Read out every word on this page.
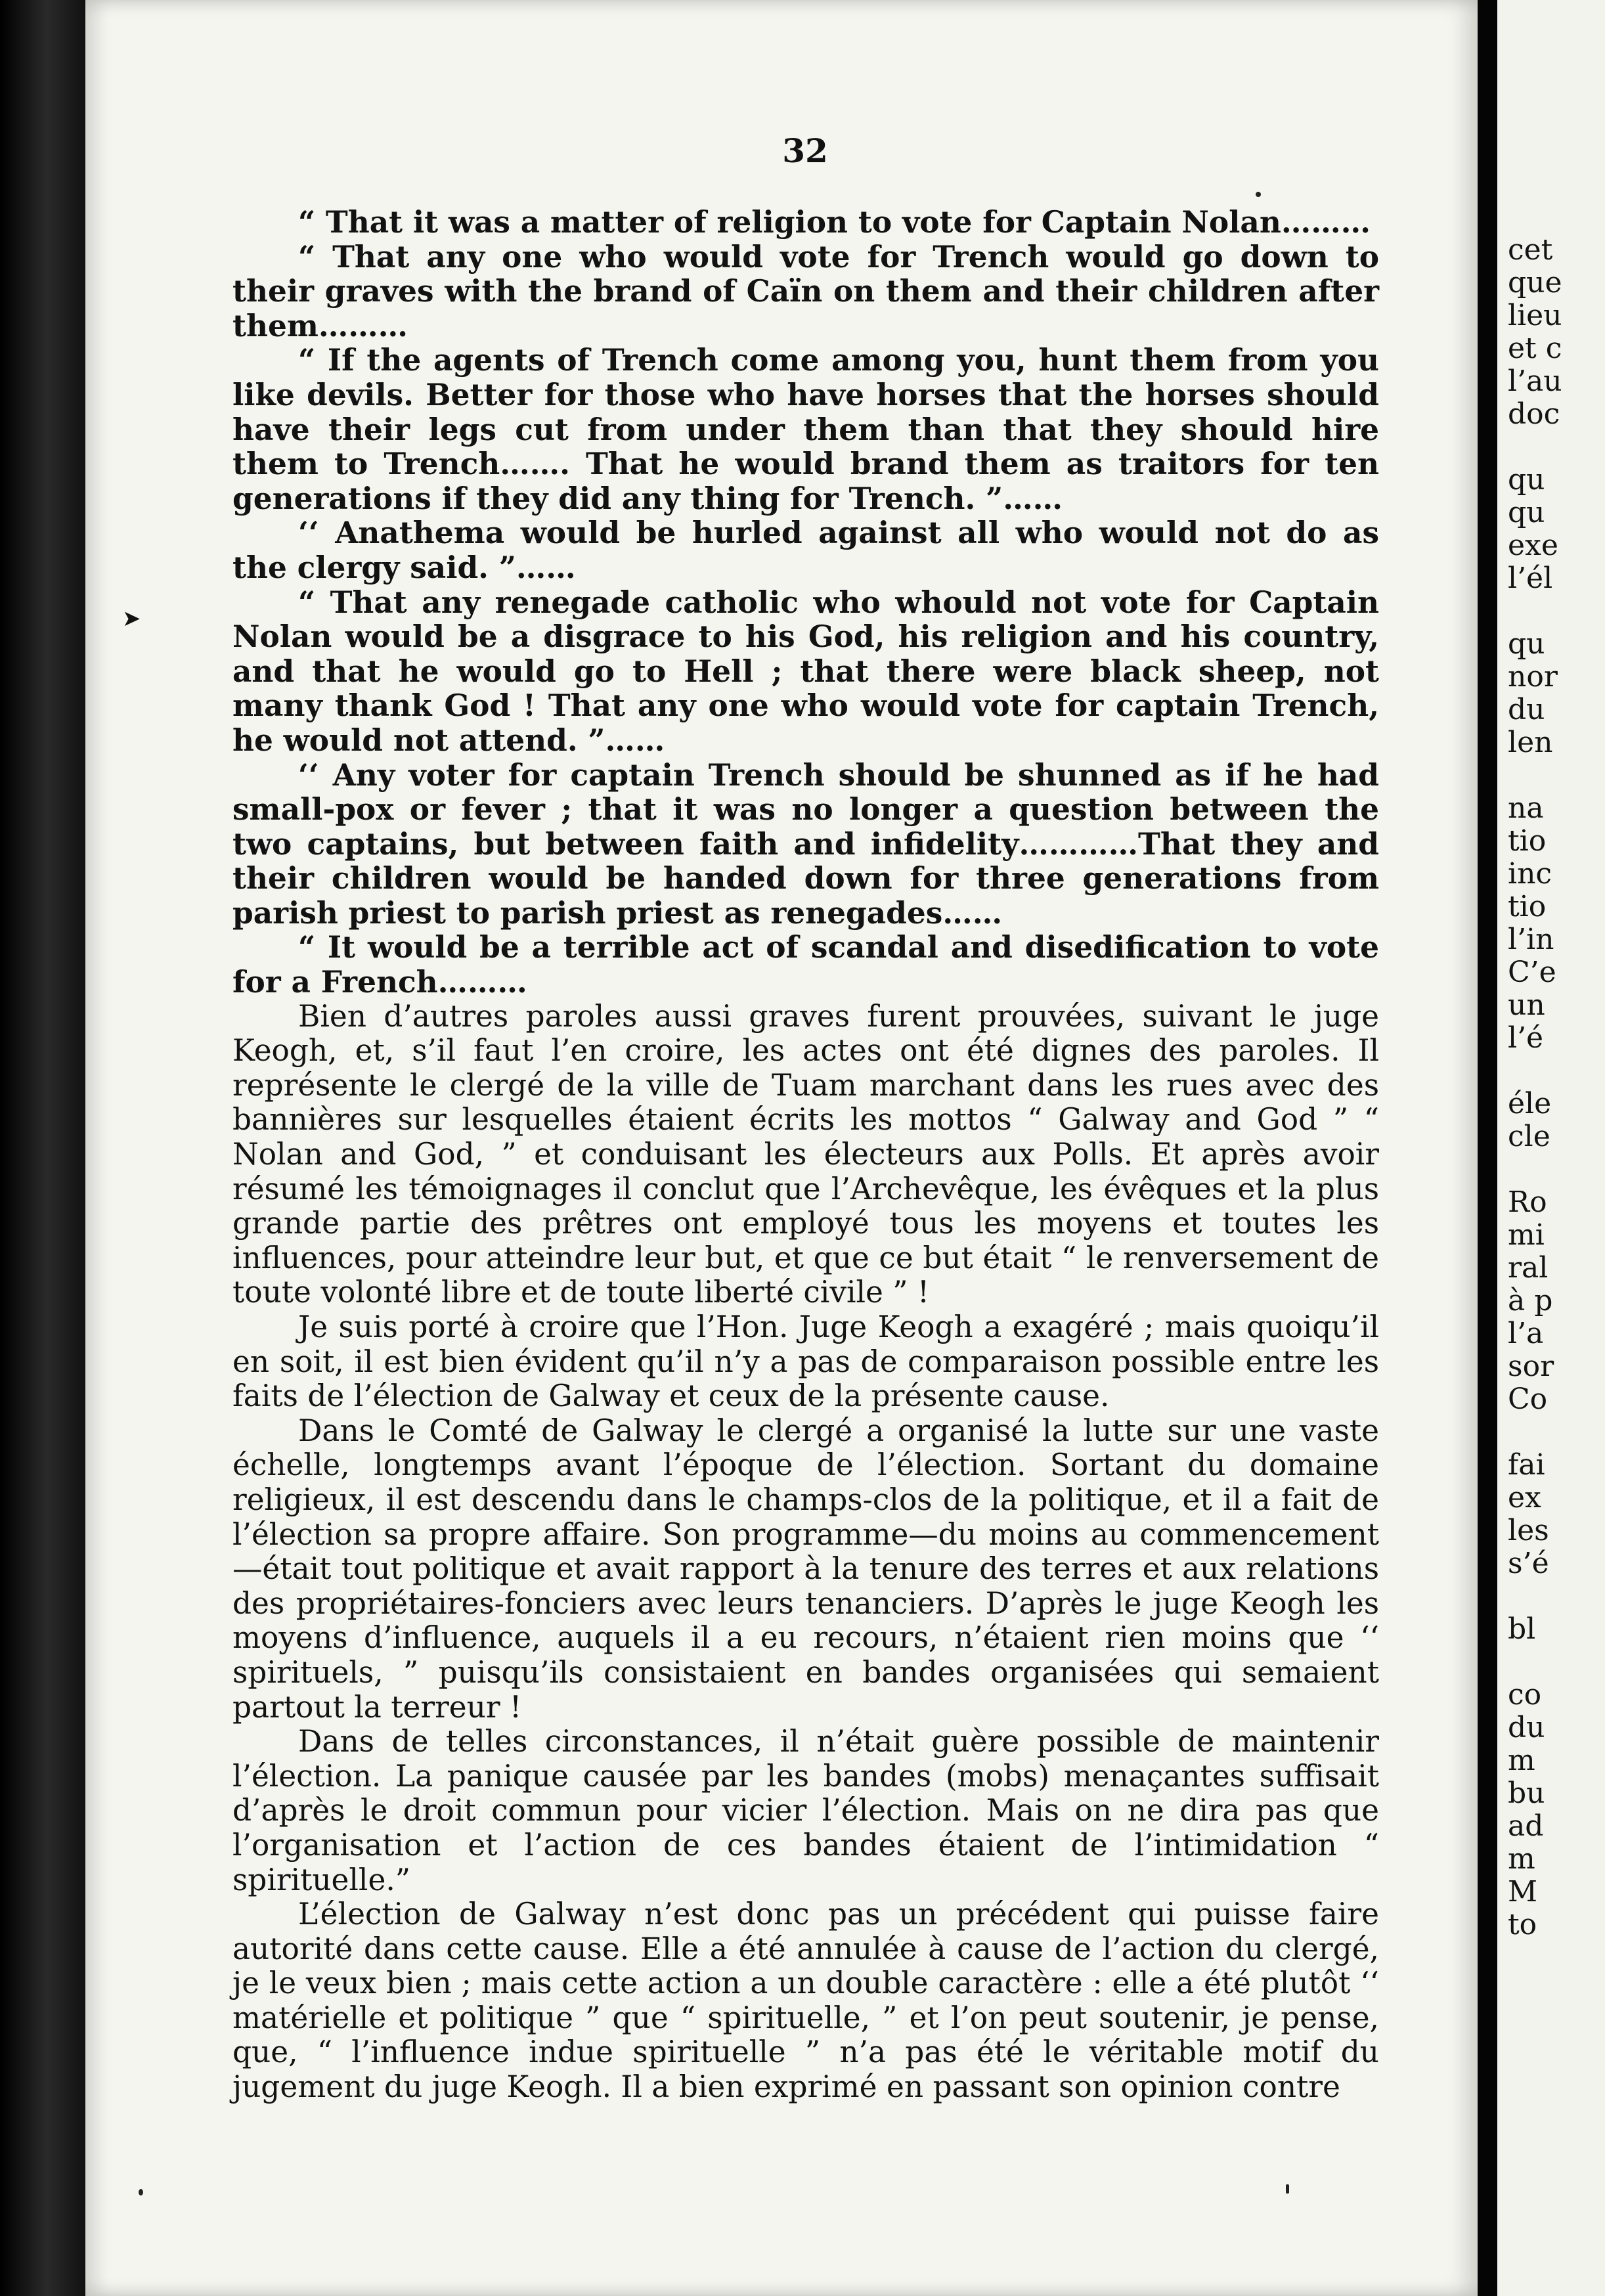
32
➤

“ That it was a matter of religion to vote for Captain Nolan………

“ That any one who would vote for Trench would go down to their graves with the brand of Caïn on them and their children after them………

“ If the agents of Trench come among you, hunt them from you like devils. Better for those who have horses that the horses should have their legs cut from under them than that they should hire them to Trench……. That he would brand them as traitors for ten generations if they did any thing for Trench. ”……

‘‘ Anathema would be hurled against all who would not do as the clergy said. ”……

“ That any renegade catholic who whould not vote for Captain Nolan would be a disgrace to his God, his religion and his country, and that he would go to Hell ; that there were black sheep, not many thank God ! That any one who would vote for captain Trench, he would not attend. ”……

‘‘ Any voter for captain Trench should be shunned as if he had small-pox or fever ; that it was no longer a question between the two captains, but between faith and infidelity…………That they and their children would be handed down for three generations from parish priest to parish priest as renegades……

“ It would be a terrible act of scandal and disedification to vote for a French………

Bien d’autres paroles aussi graves furent prouvées, suivant le juge Keogh, et, s’il faut l’en croire, les actes ont été dignes des paroles. Il représente le clergé de la ville de Tuam marchant dans les rues avec des bannières sur lesquelles étaient écrits les mottos “ Galway and God ” “ Nolan and God, ” et conduisant les électeurs aux Polls. Et après avoir résumé les témoignages il conclut que l’Archevêque, les évêques et la plus grande partie des prêtres ont employé tous les moyens et toutes les influences, pour atteindre leur but, et que ce but était “ le renversement de toute volonté libre et de toute liberté civile ” !

Je suis porté à croire que l’Hon. Juge Keogh a exagéré ; mais quoiqu’il en soit, il est bien évident qu’il n’y a pas de comparaison possible entre les faits de l’élection de Galway et ceux de la présente cause.

Dans le Comté de Galway le clergé a organisé la lutte sur une vaste échelle, longtemps avant l’époque de l’élection. Sortant du domaine religieux, il est descendu dans le champs-clos de la politique, et il a fait de l’élection sa propre affaire. Son programme—du moins au commencement—était tout politique et avait rapport à la tenure des terres et aux relations des propriétaires-fonciers avec leurs tenanciers. D’après le juge Keogh les moyens d’influence, auquels il a eu recours, n’étaient rien moins que ‘‘ spirituels, ” puisqu’ils consistaient en bandes organisées qui semaient partout la terreur !

Dans de telles circonstances, il n’était guère possible de maintenir l’élection. La panique causée par les bandes (mobs) menaçantes suffisait d’après le droit commun pour vicier l’élection. Mais on ne dira pas que l’organisation et l’action de ces bandes étaient de l’intimidation “ spirituelle.”

L’élection de Galway n’est donc pas un précédent qui puisse faire autorité dans cette cause. Elle a été annulée à cause de l’action du clergé, je le veux bien ; mais cette action a un double caractère : elle a été plutôt ‘‘ matérielle et politique ” que “ spirituelle, ” et l’on peut soutenir, je pense, que, “ l’influence indue spirituelle ” n’a pas été le véritable motif du jugement du juge Keogh. Il a bien exprimé en passant son opinion contre

cet
que
lieu
et c
l’au
doc
qu
qu
exe
l’él
qu
nor
du
len
na
tio
inc
tio
l’in
C’e
un
l’é
éle
cle
Ro
mi
ral
à p
l’a
sor
Co
fai
ex
les
s’é
bl
co
du
m
bu
ad
m
M
to
